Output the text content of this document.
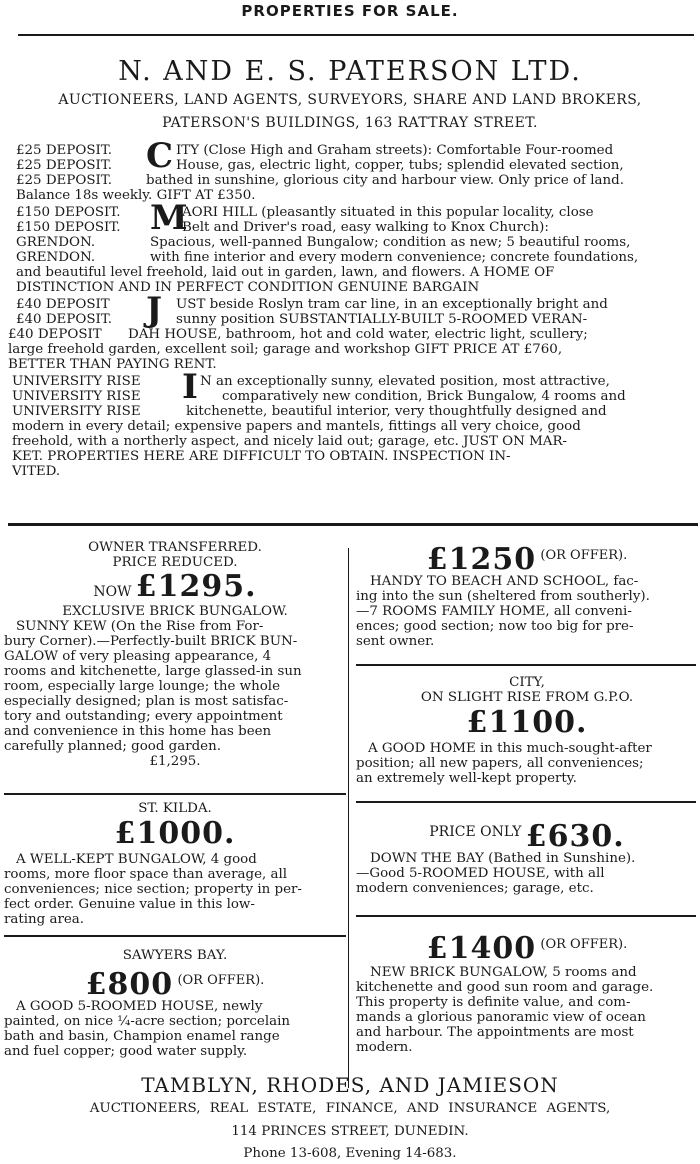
PROPERTIES FOR SALE.
N. AND E. S. PATERSON LTD.
AUCTIONEERS, LAND AGENTS, SURVEYORS, SHARE AND LAND BROKERS,
PATERSON'S BUILDINGS, 163 RATTRAY STREET.
£25 DEPOSIT.
£25 DEPOSIT.
£25 DEPOSIT.
C ITY (Close High and Graham streets): Comfortable Four-roomed
House, gas, electric light, copper, tubs; splendid elevated section,
bathed in sunshine, glorious city and harbour view. Only price of land.
Balance 18s weekly. GIFT AT £350.
£150 DEPOSIT.
£150 DEPOSIT.
GRENDON.
GRENDON.
M
AORI HILL (pleasantly situated in this popular locality, close
Belt and Driver's road, easy walking to Knox Church):
Spacious, well-panned Bungalow; condition as new; 5 beautiful rooms,
with fine interior and every modern convenience; concrete foundations,
and beautiful level freehold, laid out in garden, lawn, and flowers. A HOME OF
DISTINCTION AND IN PERFECT CONDITION GENUINE BARGAIN
£40 DEPOSIT
£40 DEPOSIT.
£40 DEPOSIT
J UST beside Roslyn tram car line, in an exceptionally bright and
sunny position SUBSTANTIALLY-BUILT 5-ROOMED VERAN-
DAH HOUSE, bathroom, hot and cold water, electric light, scullery;
large freehold garden, excellent soil; garage and workshop GIFT PRICE AT £760,
BETTER THAN PAYING RENT.
UNIVERSITY RISE
UNIVERSITY RISE
UNIVERSITY RISE
I N an exceptionally sunny, elevated position, most attractive,
comparatively new condition, Brick Bungalow, 4 rooms and
kitchenette, beautiful interior, very thoughtfully designed and
modern in every detail; expensive papers and mantels, fittings all very choice, good
freehold, with a northerly aspect, and nicely laid out; garage, etc. JUST ON MAR-
KET. PROPERTIES HERE ARE DIFFICULT TO OBTAIN. INSPECTION IN-
VITED.
OWNER TRANSFERRED.
PRICE REDUCED.
NOW £1295.
EXCLUSIVE BRICK BUNGALOW.
SUNNY KEW (On the Rise from For-
bury Corner).—Perfectly-built BRICK BUN-
GALOW of very pleasing appearance, 4
rooms and kitchenette, large glassed-in sun
room, especially large lounge; the whole
especially designed; plan is most satisfac-
tory and outstanding; every appointment
and convenience in this home has been
carefully planned; good garden.
£1,295.
ST. KILDA.
£1000.
A WELL-KEPT BUNGALOW, 4 good
rooms, more floor space than average, all
conveniences; nice section; property in per-
fect order. Genuine value in this low-
rating area.
SAWYERS BAY.
£800 (OR OFFER).
A GOOD 5-ROOMED HOUSE, newly
painted, on nice ¼-acre section; porcelain
bath and basin, Champion enamel range
and fuel copper; good water supply.
£1250 (OR OFFER).
HANDY TO BEACH AND SCHOOL, fac-
ing into the sun (sheltered from southerly).
—7 ROOMS FAMILY HOME, all conveni-
ences; good section; now too big for pre-
sent owner.
CITY,
ON SLIGHT RISE FROM G.P.O.
£1100.
A GOOD HOME in this much-sought-after
position; all new papers, all conveniences;
an extremely well-kept property.
PRICE ONLY £630.
DOWN THE BAY (Bathed in Sunshine).
—Good 5-ROOMED HOUSE, with all
modern conveniences; garage, etc.
£1400 (OR OFFER).
NEW BRICK BUNGALOW, 5 rooms and
kitchenette and good sun room and garage.
This property is definite value, and com-
mands a glorious panoramic view of ocean
and harbour. The appointments are most
modern.
TAMBLYN, RHODES, AND JAMIESON
AUCTIONEERS, REAL ESTATE, FINANCE, AND INSURANCE AGENTS,
114 PRINCES STREET, DUNEDIN.
Phone 13-608, Evening 14-683.
